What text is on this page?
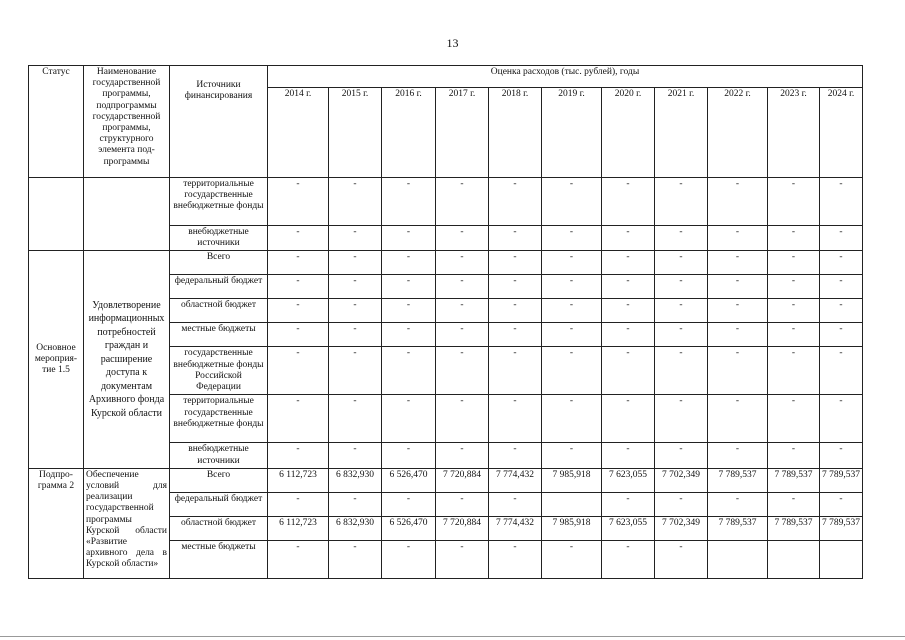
13
Статус	Наименование государственной программы, подпрограммы государственной программы, структурного элемента под-программы	Источники финансирования	Оценка расходов (тыс. рублей), годы										
			2014 г.	2015 г.	2016 г.	2017 г.	2018 г.	2019 г.	2020 г.	2021 г.	2022 г.	2023 г.	2024 г.
		территориальные государственные внебюджетные фонды	-	-	-	-	-	-	-	-	-	-	-
		внебюджетные источники	-	-	-	-	-	-	-	-	-	-	-
Основное мероприя-тие 1.5	Удовлетворение информационных потребностей граждан и расширение доступа к документам Архивного фонда Курской области	Всего	-	-	-	-	-	-	-	-	-	-	-
		федеральный бюджет	-	-	-	-	-	-	-	-	-	-	-
		областной бюджет	-	-	-	-	-	-	-	-	-	-	-
		местные бюджеты	-	-	-	-	-	-	-	-	-	-	-
		государственные внебюджетные фонды Российской Федерации	-	-	-	-	-	-	-	-	-	-	-
		территориальные государственные внебюджетные фонды	-	-	-	-	-	-	-	-	-	-	-
		внебюджетные источники	-	-	-	-	-	-	-	-	-	-	-
Подпро-грамма 2	Обеспечение условий для реализации государственной программы Курской области «Развитие архивного дела в Курской области»	Всего	6 112,723	6 832,930	6 526,470	7 720,884	7 774,432	7 985,918	7 623,055	7 702,349	7 789,537	7 789,537	7 789,537
		федеральный бюджет	-	-	-	-	-		-	-	-	-	-
		областной бюджет	6 112,723	6 832,930	6 526,470	7 720,884	7 774,432	7 985,918	7 623,055	7 702,349	7 789,537	7 789,537	7 789,537
		местные бюджеты	-	-	-	-	-	-	-	-			
